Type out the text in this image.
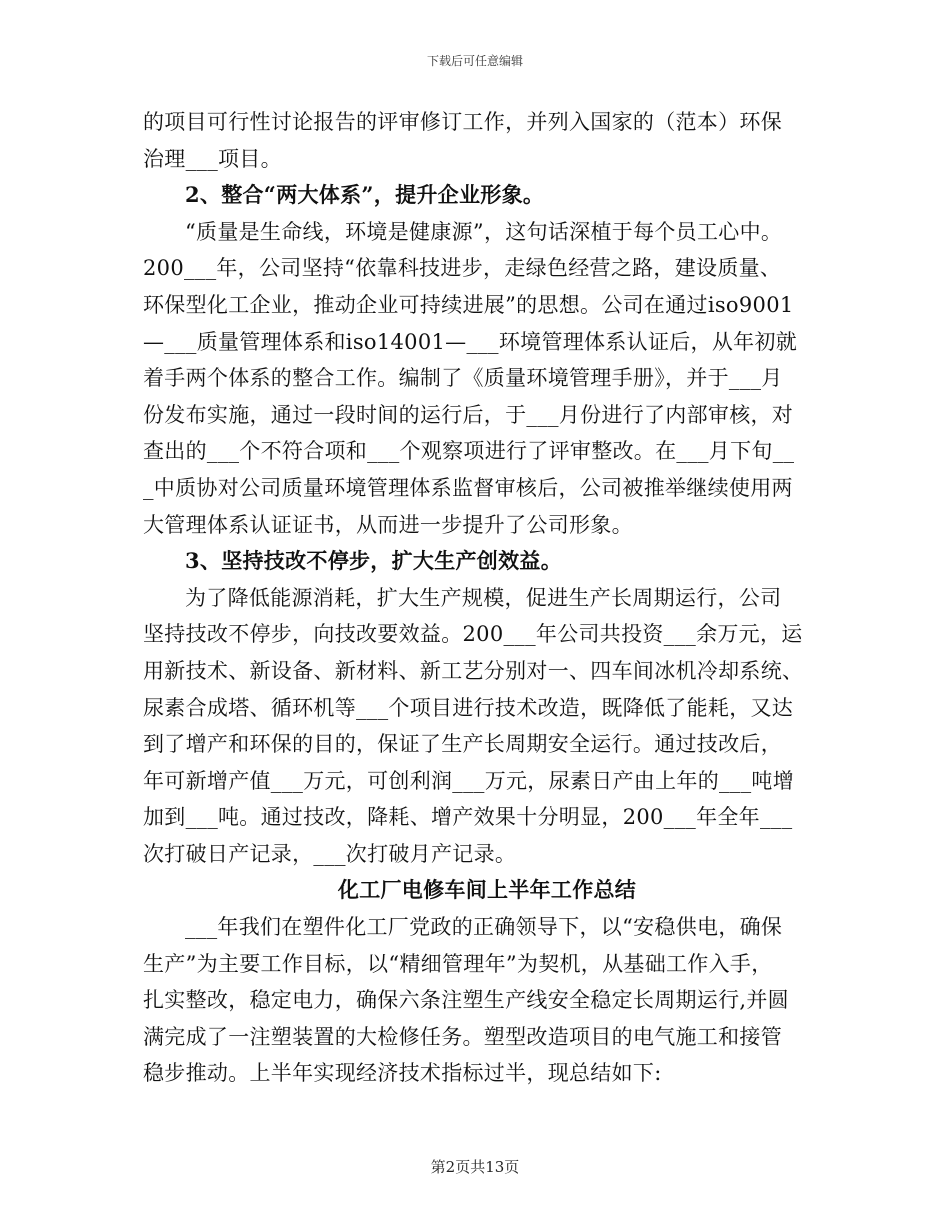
下载后可任意编辑
的项目可行性讨论报告的评审修订工作，并列入国家的（范本）环保
治理___项目。
2、整合“两大体系”，提升企业形象。
“质量是生命线，环境是健康源”，这句话深植于每个员工心中。
200___年，公司坚持“依靠科技进步，走绿色经营之路，建设质量、
环保型化工企业，推动企业可持续进展”的思想。公司在通过iso9001
—___质量管理体系和iso14001—___环境管理体系认证后，从年初就
着手两个体系的整合工作。编制了《质量环境管理手册》，并于___月
份发布实施，通过一段时间的运行后，于___月份进行了内部审核，对
查出的___个不符合项和___个观察项进行了评审整改。在___月下旬__
_中质协对公司质量环境管理体系监督审核后，公司被推举继续使用两
大管理体系认证证书，从而进一步提升了公司形象。
3、坚持技改不停步，扩大生产创效益。
为了降低能源消耗，扩大生产规模，促进生产长周期运行，公司
坚持技改不停步，向技改要效益。200___年公司共投资___余万元，运
用新技术、新设备、新材料、新工艺分别对一、四车间冰机冷却系统、
尿素合成塔、循环机等___个项目进行技术改造，既降低了能耗，又达
到了增产和环保的目的，保证了生产长周期安全运行。通过技改后，
年可新增产值___万元，可创利润___万元，尿素日产由上年的___吨增
加到___吨。通过技改，降耗、增产效果十分明显，200___年全年___
次打破日产记录，___次打破月产记录。
化工厂电修车间上半年工作总结
___年我们在塑件化工厂党政的正确领导下，以“安稳供电，确保
生产”为主要工作目标，以“精细管理年”为契机，从基础工作入手，
扎实整改，稳定电力，确保六条注塑生产线安全稳定长周期运行,并圆
满完成了一注塑装置的大检修任务。塑型改造项目的电气施工和接管
稳步推动。上半年实现经济技术指标过半，现总结如下:
第2页共13页
